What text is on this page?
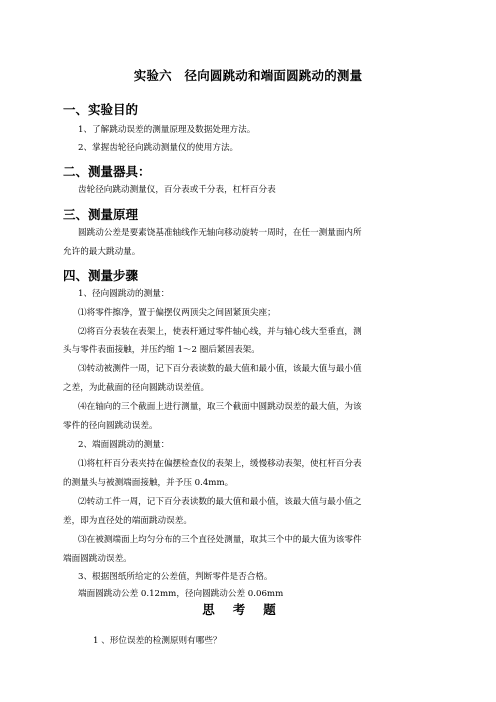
实验六　径向圆跳动和端面圆跳动的测量
一、实验目的
1、了解跳动误差的测量原理及数据处理方法。
2、掌握齿轮径向跳动测量仪的使用方法。
二、测量器具：
齿轮径向跳动测量仪，百分表或千分表，杠杆百分表
三、测量原理
圆跳动公差是要素饶基准轴线作无轴向移动旋转一周时，在任一测量面内所
允许的最大跳动量。
四、测量步骤
1、径向圆跳动的测量：
⑴将零件擦净，置于偏摆仪两顶尖之间固紧顶尖座；
⑵将百分表装在表架上，使表杆通过零件轴心线，并与轴心线大至垂直，测
头与零件表面接触，并压约缩 1～2 圈后紧固表架。
⑶转动被测件一周，记下百分表读数的最大值和最小值，该最大值与最小值
之差，为此截面的径向圆跳动误差值。
⑷在轴向的三个截面上进行测量，取三个截面中圆跳动误差的最大值，为该
零件的径向圆跳动误差。
2、端面圆跳动的测量：
⑴将杠杆百分表夹持在偏摆检查仪的表架上，缓慢移动表架，使杠杆百分表
的测量头与被测端面接触，并予压 0.4mm。
⑵转动工件一周，记下百分表读数的最大值和最小值，该最大值与最小值之
差，即为直径处的端面跳动误差。
⑶在被测端面上均匀分布的三个直径处测量，取其三个中的最大值为该零件
端面圆跳动误差。
3、根据图纸所给定的公差值，判断零件是否合格。
端面圆跳动公差 0.12mm，径向圆跳动公差 0.06mm
思考题
1 、形位误差的检测原则有哪些？
